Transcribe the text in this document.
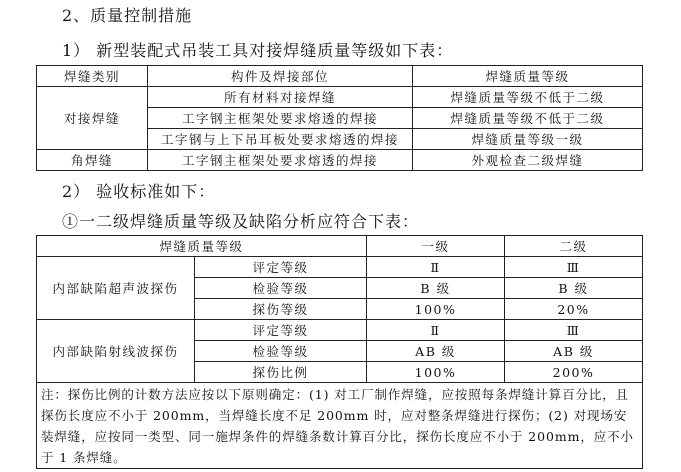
2、质量控制措施
1） 新型装配式吊装工具对接焊缝质量等级如下表：
焊缝类别	构件及焊接部位	焊缝质量等级
对接焊缝	所有材料对接焊缝	焊缝质量等级不低于二级
	工字钢主框架处要求熔透的焊接	焊缝质量等级不低于二级
	工字钢与上下吊耳板处要求熔透的焊接	焊缝质量等级一级
角焊缝	工字钢主框架处要求熔透的焊接	外观检查二级焊缝
2） 验收标准如下：
①一二级焊缝质量等级及缺陷分析应符合下表：
焊缝质量等级		一级	二级
内部缺陷超声波探伤	评定等级	Ⅱ	Ⅲ
	检验等级	B 级	B 级
	探伤等级	100%	20%
内部缺陷射线波探伤	评定等级	Ⅱ	Ⅲ
	检验等级	AB 级	AB 级
	探伤比例	100%	200%
注：探伤比例的计数方法应按以下原则确定：(1) 对工厂制作焊缝，应按照每条焊缝计算百分比，且探伤长度应不小于 200mm，当焊缝长度不足 200mm 时，应对整条焊缝进行探伤；(2) 对现场安装焊缝，应按同一类型、同一施焊条件的焊缝条数计算百分比，探伤长度应不小于 200mm，应不小于 1 条焊缝。			
